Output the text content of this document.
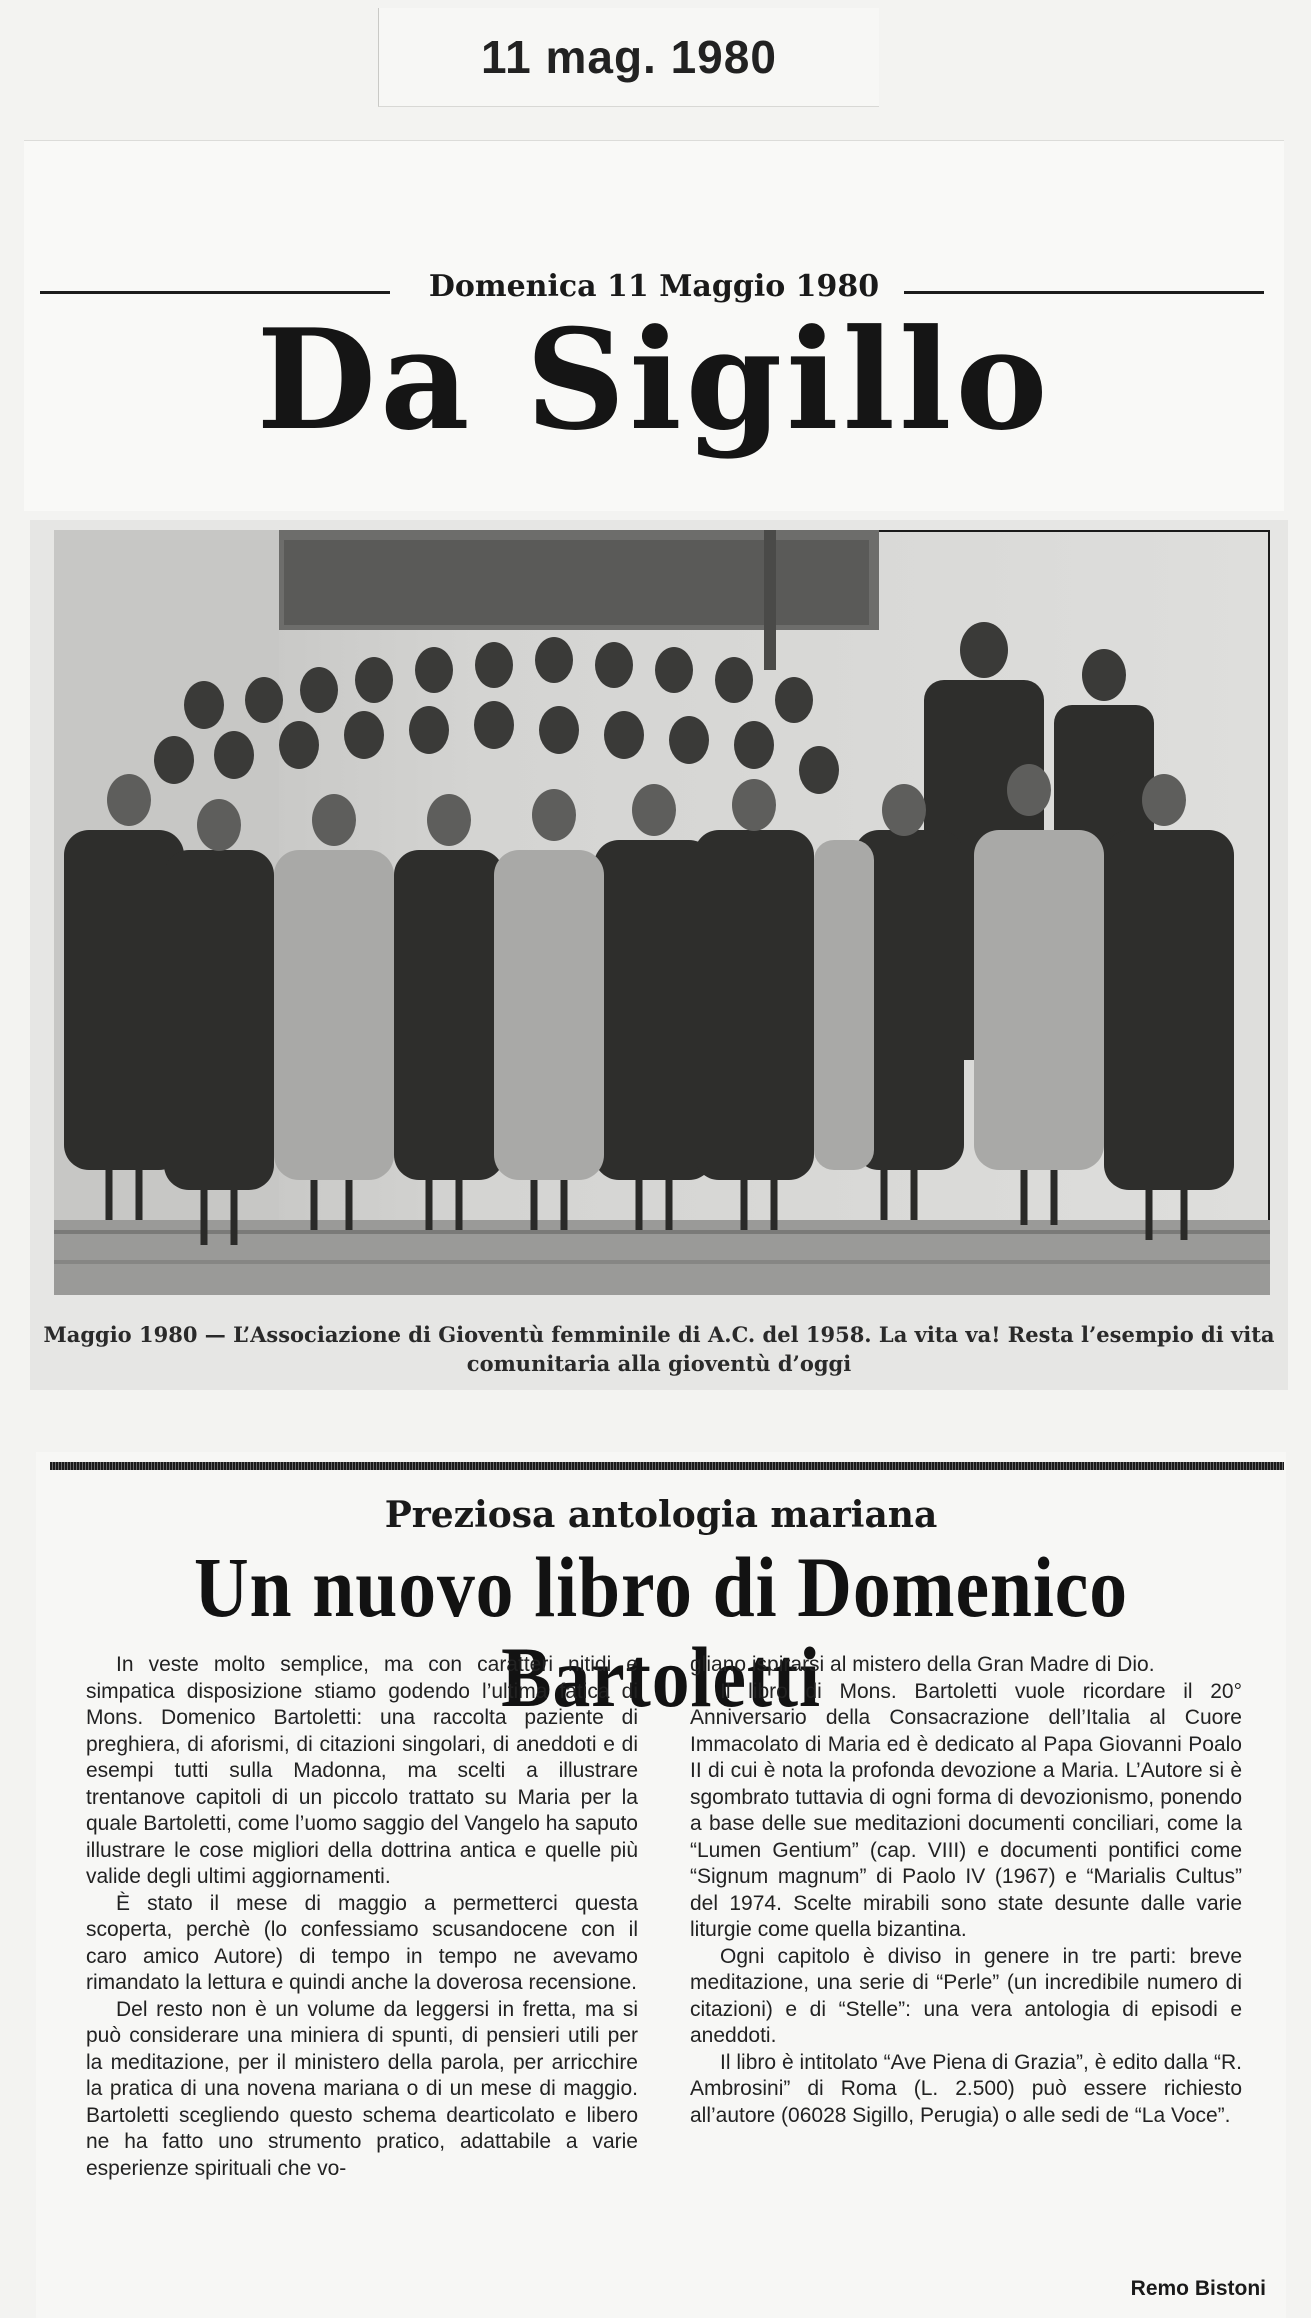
11 mag. 1980
Domenica 11 Maggio 1980
Da Sigillo
Maggio 1980 — L’Associazione di Gioventù femminile di A.C. del 1958. La vita va! Resta l’esempio di vita comunitaria alla gioventù d’oggi
Preziosa antologia mariana
Un nuovo libro di Domenico Bartoletti

In veste molto semplice, ma con caratteri nitidi e simpatica disposizione stiamo godendo l’ultima fatica di Mons. Domenico Bartoletti: una raccolta paziente di preghiera, di aforismi, di citazioni singolari, di aneddoti e di esempi tutti sulla Madonna, ma scelti a illustrare trentanove capitoli di un piccolo trattato su Maria per la quale Bartoletti, come l’uomo saggio del Vangelo ha saputo illustrare le cose migliori della dottrina antica e quelle più valide degli ultimi aggiornamenti.

È stato il mese di maggio a permetterci questa scoperta, perchè (lo confessiamo scusandocene con il caro amico Autore) di tempo in tempo ne avevamo rimandato la lettura e quindi anche la doverosa recensione.

Del resto non è un volume da leggersi in fretta, ma si può considerare una miniera di spunti, di pensieri utili per la meditazione, per il ministero della parola, per arricchire la pratica di una novena mariana o di un mese di maggio. Bartoletti scegliendo questo schema dearticolato e libero ne ha fatto uno strumento pratico, adattabile a varie esperienze spirituali che vo-

gliano ispirarsi al mistero della Gran Madre di Dio.

Il libro di Mons. Bartoletti vuole ricordare il 20° Anniversario della Consacrazione dell’Italia al Cuore Immacolato di Maria ed è dedicato al Papa Giovanni Poalo II di cui è nota la profonda devozione a Maria. L’Autore si è sgombrato tuttavia di ogni forma di devozionismo, ponendo a base delle sue meditazioni documenti conciliari, come la “Lumen Gentium” (cap. VIII) e documenti pontifici come “Signum magnum” di Paolo IV (1967) e “Marialis Cultus” del 1974. Scelte mirabili sono state desunte dalle varie liturgie come quella bizantina.

Ogni capitolo è diviso in genere in tre parti: breve meditazione, una serie di “Perle” (un incredibile numero di citazioni) e di “Stelle”: una vera antologia di episodi e aneddoti.

Il libro è intitolato “Ave Piena di Grazia”, è edito dalla “R. Ambrosini” di Roma (L. 2.500) può essere richiesto all’autore (06028 Sigillo, Perugia) o alle sedi de “La Voce”.

Remo Bistoni
